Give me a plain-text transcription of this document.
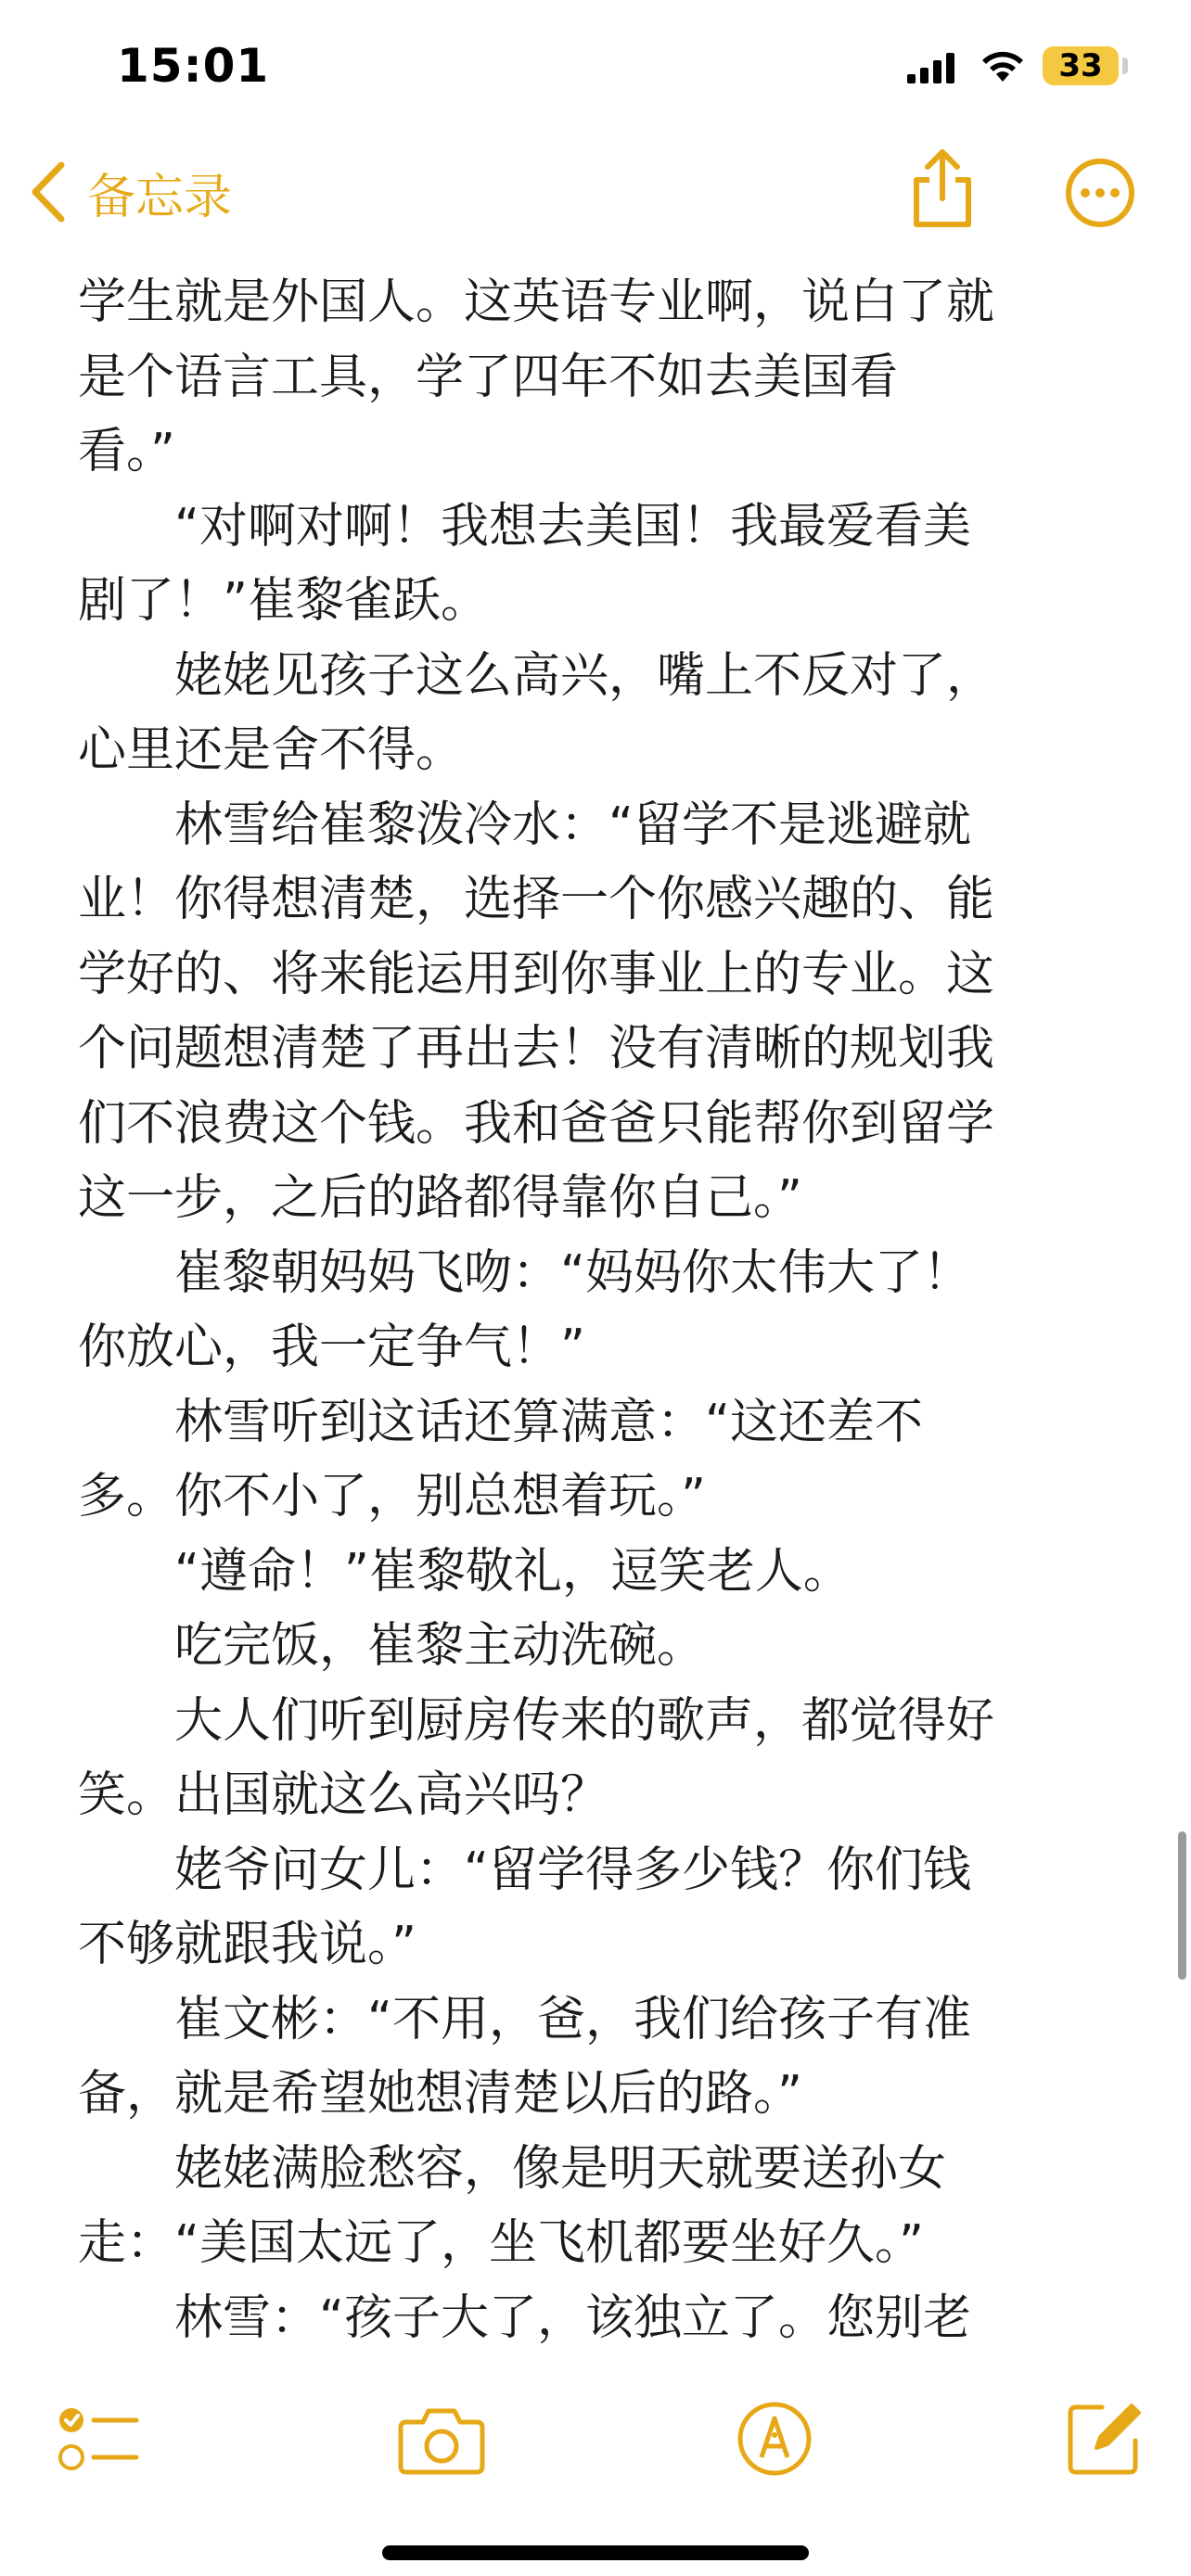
15:01	33
备忘录
学生就是外国人。这英语专业啊，说白了就
是个语言工具，学了四年不如去美国看
看。”
　　“对啊对啊！我想去美国！我最爱看美
剧了！”崔黎雀跃。
　　姥姥见孩子这么高兴，嘴上不反对了，
心里还是舍不得。
　　林雪给崔黎泼冷水：“留学不是逃避就
业！你得想清楚，选择一个你感兴趣的、能
学好的、将来能运用到你事业上的专业。这
个问题想清楚了再出去！没有清晰的规划我
们不浪费这个钱。我和爸爸只能帮你到留学
这一步，之后的路都得靠你自己。”
　　崔黎朝妈妈飞吻：“妈妈你太伟大了！
你放心，我一定争气！”
　　林雪听到这话还算满意：“这还差不
多。你不小了，别总想着玩。”
　　“遵命！”崔黎敬礼，逗笑老人。
　　吃完饭，崔黎主动洗碗。
　　大人们听到厨房传来的歌声，都觉得好
笑。出国就这么高兴吗？
　　姥爷问女儿：“留学得多少钱？你们钱
不够就跟我说。”
　　崔文彬：“不用，爸，我们给孩子有准
备，就是希望她想清楚以后的路。”
　　姥姥满脸愁容，像是明天就要送孙女
走：“美国太远了，坐飞机都要坐好久。”
　　林雪：“孩子大了，该独立了。您别老
